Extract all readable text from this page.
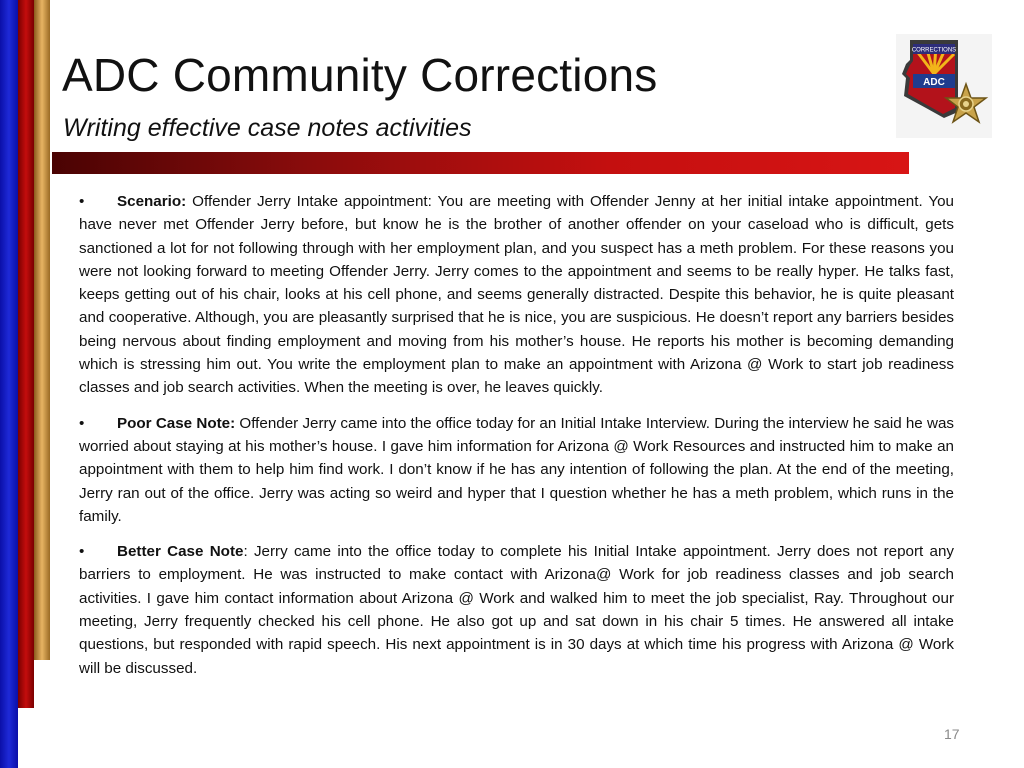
ADC Community Corrections
Writing effective case notes activities
CORRECTIONS
ADC

• Scenario: Offender Jerry Intake appointment: You are meeting with Offender Jenny at her initial intake appointment. You have never met Offender Jerry before, but know he is the brother of another offender on your caseload who is difficult, gets sanctioned a lot for not following through with her employment plan, and you suspect has a meth problem. For these reasons you were not looking forward to meeting Offender Jerry. Jerry comes to the appointment and seems to be really hyper. He talks fast, keeps getting out of his chair, looks at his cell phone, and seems generally distracted. Despite this behavior, he is quite pleasant and cooperative. Although, you are pleasantly surprised that he is nice, you are suspicious. He doesn’t report any barriers besides being nervous about finding employment and moving from his mother’s house. He reports his mother is becoming demanding which is stressing him out. You write the employment plan to make an appointment with Arizona @ Work to start job readiness classes and job search activities. When the meeting is over, he leaves quickly.

• Poor Case Note: Offender Jerry came into the office today for an Initial Intake Interview. During the interview he said he was worried about staying at his mother’s house. I gave him information for Arizona @ Work Resources and instructed him to make an appointment with them to help him find work. I don’t know if he has any intention of following the plan. At the end of the meeting, Jerry ran out of the office. Jerry was acting so weird and hyper that I question whether he has a meth problem, which runs in the family.

• Better Case Note: Jerry came into the office today to complete his Initial Intake appointment. Jerry does not report any barriers to employment. He was instructed to make contact with Arizona@ Work for job readiness classes and job search activities. I gave him contact information about Arizona @ Work and walked him to meet the job specialist, Ray. Throughout our meeting, Jerry frequently checked his cell phone. He also got up and sat down in his chair 5 times. He answered all intake questions, but responded with rapid speech. His next appointment is in 30 days at which time his progress with Arizona @ Work will be discussed.

17
